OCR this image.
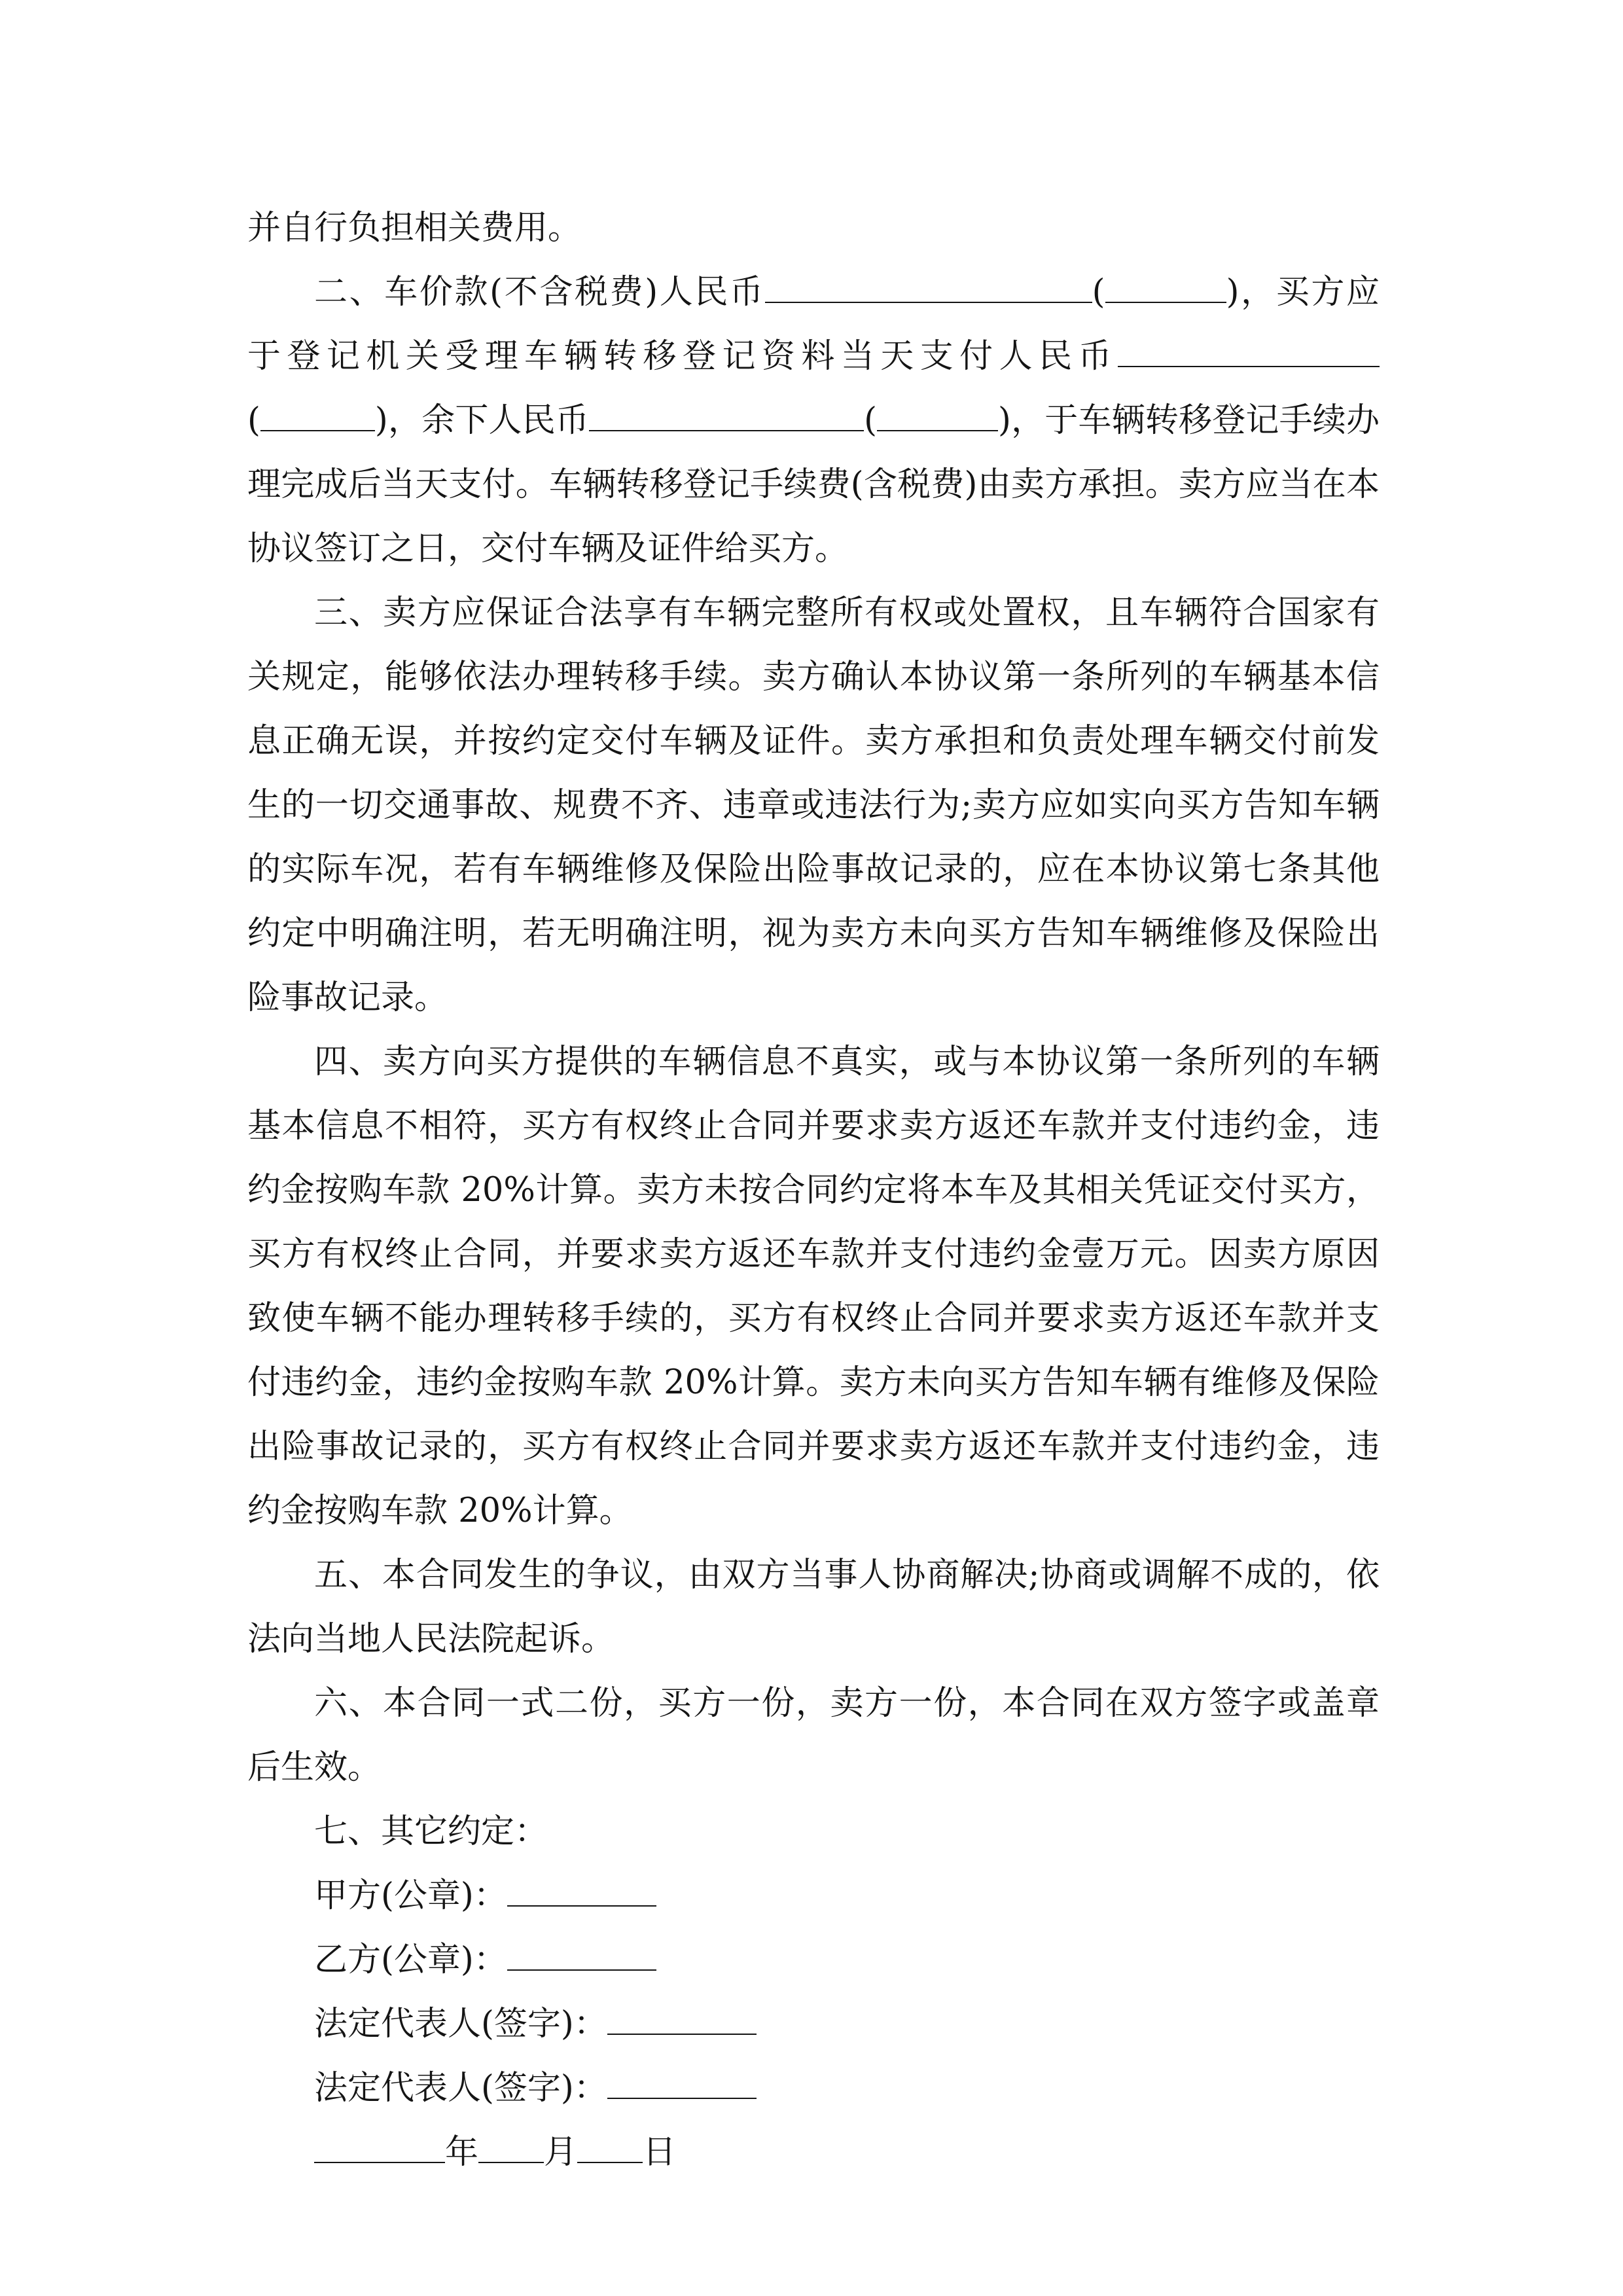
并自行负担相关费用。

二、车价款(不含税费)人民币	(	)，买方应于登记机关受理车辆转移登记资料当天支付人民币(	)，余下人民币	(	)，于车辆转移登记手续办理完成后当天支付。车辆转移登记手续费(含税费)由卖方承担。卖方应当在本协议签订之日，交付车辆及证件给买方。

三、卖方应保证合法享有车辆完整所有权或处置权，且车辆符合国家有关规定，能够依法办理转移手续。卖方确认本协议第一条所列的车辆基本信息正确无误，并按约定交付车辆及证件。卖方承担和负责处理车辆交付前发生的一切交通事故、规费不齐、违章或违法行为;卖方应如实向买方告知车辆的实际车况，若有车辆维修及保险出险事故记录的，应在本协议第七条其他约定中明确注明，若无明确注明，视为卖方未向买方告知车辆维修及保险出险事故记录。

四、卖方向买方提供的车辆信息不真实，或与本协议第一条所列的车辆基本信息不相符，买方有权终止合同并要求卖方返还车款并支付违约金，违约金按购车款 20%计算。卖方未按合同约定将本车及其相关凭证交付买方，买方有权终止合同，并要求卖方返还车款并支付违约金壹万元。因卖方原因致使车辆不能办理转移手续的，买方有权终止合同并要求卖方返还车款并支付违约金，违约金按购车款 20%计算。卖方未向买方告知车辆有维修及保险出险事故记录的，买方有权终止合同并要求卖方返还车款并支付违约金，违约金按购车款 20%计算。

五、本合同发生的争议，由双方当事人协商解决;协商或调解不成的，依法向当地人民法院起诉。

六、本合同一式二份，买方一份，卖方一份，本合同在双方签字或盖章后生效。

七、其它约定：

甲方(公章)：

乙方(公章)：

法定代表人(签字)：

法定代表人(签字)：

年 月 日
